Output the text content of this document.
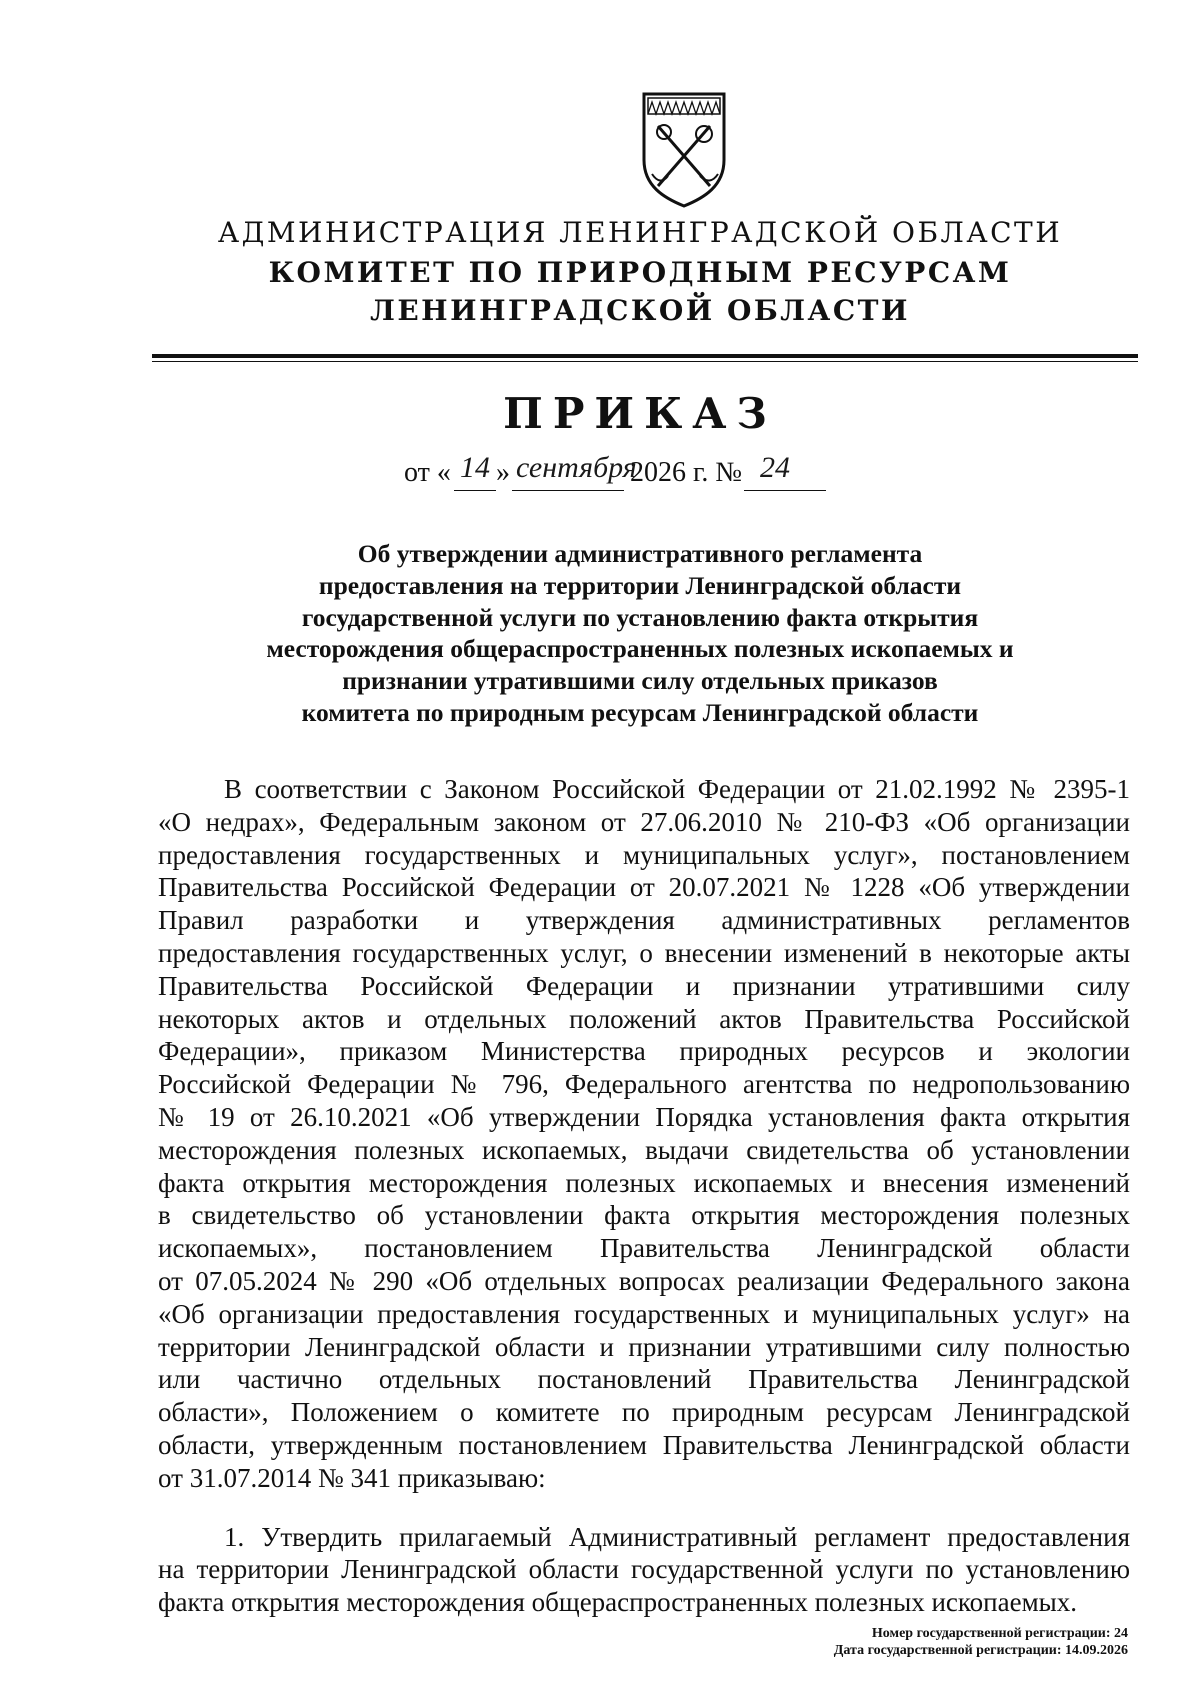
АДМИНИСТРАЦИЯ ЛЕНИНГРАДСКОЙ ОБЛАСТИ
КОМИТЕТ ПО ПРИРОДНЫМ РЕСУРСАМ
ЛЕНИНГРАДСКОЙ ОБЛАСТИ
ПРИКАЗ
от « 14 » сентября
2026 г. № 24
Об утверждении административного регламента
предоставления на территории Ленинградской области
государственной услуги по установлению факта открытия
месторождения общераспространенных полезных ископаемых и
признании утратившими силу отдельных приказов
комитета по природным ресурсам Ленинградской области
В соответствии с Законом Российской Федерации от 21.02.1992 № 2395-1
«О недрах», Федеральным законом от 27.06.2010 № 210-ФЗ «Об организации
предоставления государственных и муниципальных услуг», постановлением
Правительства Российской Федерации от 20.07.2021 № 1228 «Об утверждении
Правил разработки и утверждения административных регламентов
предоставления государственных услуг, о внесении изменений в некоторые акты
Правительства Российской Федерации и признании утратившими силу
некоторых актов и отдельных положений актов Правительства Российской
Федерации», приказом Министерства природных ресурсов и экологии
Российской Федерации № 796, Федерального агентства по недропользованию
№ 19 от 26.10.2021 «Об утверждении Порядка установления факта открытия
месторождения полезных ископаемых, выдачи свидетельства об установлении
факта открытия месторождения полезных ископаемых и внесения изменений
в свидетельство об установлении факта открытия месторождения полезных
ископаемых», постановлением Правительства Ленинградской области
от 07.05.2024 № 290 «Об отдельных вопросах реализации Федерального закона
«Об организации предоставления государственных и муниципальных услуг» на
территории Ленинградской области и признании утратившими силу полностью
или частично отдельных постановлений Правительства Ленинградской
области», Положением о комитете по природным ресурсам Ленинградской
области, утвержденным постановлением Правительства Ленинградской области
от 31.07.2014 № 341 приказываю:
1. Утвердить прилагаемый Административный регламент предоставления
на территории Ленинградской области государственной услуги по установлению
факта открытия месторождения общераспространенных полезных ископаемых.
Номер государственной регистрации: 24
Дата государственной регистрации: 14.09.2026
